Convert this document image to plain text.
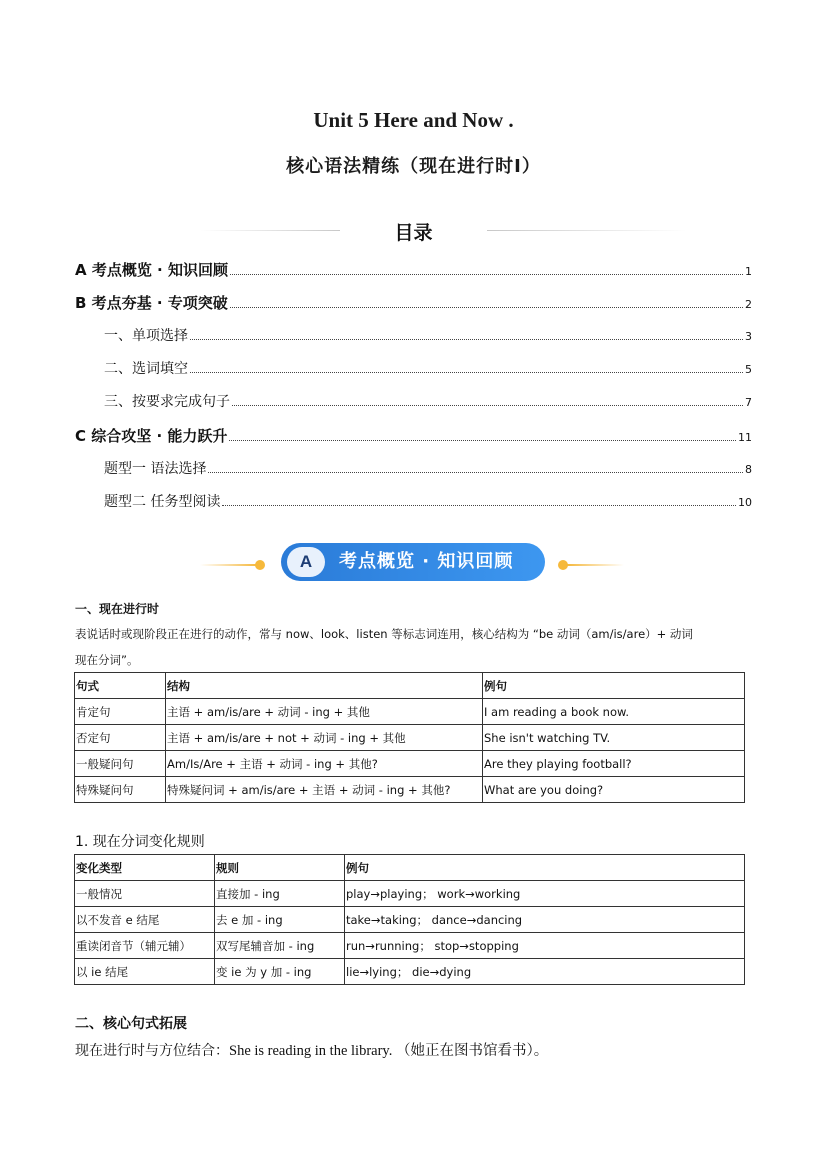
Unit 5 Here and Now .
核心语法精练（现在进行时Ⅰ）
目录
A 考点概览 · 知识回顾	1
B 考点夯基 · 专项突破	2
一、单项选择	3
二、选词填空	5
三、按要求完成句子	7
C 综合攻坚 · 能力跃升	11
题型一 语法选择	8
题型二 任务型阅读	10
A	考点概览 · 知识回顾
一、现在进行时
表说话时或现阶段正在进行的动作，常与 now、look、listen 等标志词连用，核心结构为 “be 动词（am/is/are）+ 动词
现在分词”。
句式	结构	例句
肯定句	主语 + am/is/are + 动词 - ing + 其他	I am reading a book now.
否定句	主语 + am/is/are + not + 动词 - ing + 其他	She isn't watching TV.
一般疑问句	Am/Is/Are + 主语 + 动词 - ing + 其他?	Are they playing football?
特殊疑问句	特殊疑问词 + am/is/are + 主语 + 动词 - ing + 其他?	What are you doing?
1. 现在分词变化规则
变化类型	规则	例句
一般情况	直接加 - ing	play→playing； work→working
以不发音 e 结尾	去 e 加 - ing	take→taking； dance→dancing
重读闭音节（辅元辅）	双写尾辅音加 - ing	run→running； stop→stopping
以 ie 结尾	变 ie 为 y 加 - ing	lie→lying； die→dying
二、核心句式拓展
现在进行时与方位结合：She is reading in the library. （她正在图书馆看书）。
